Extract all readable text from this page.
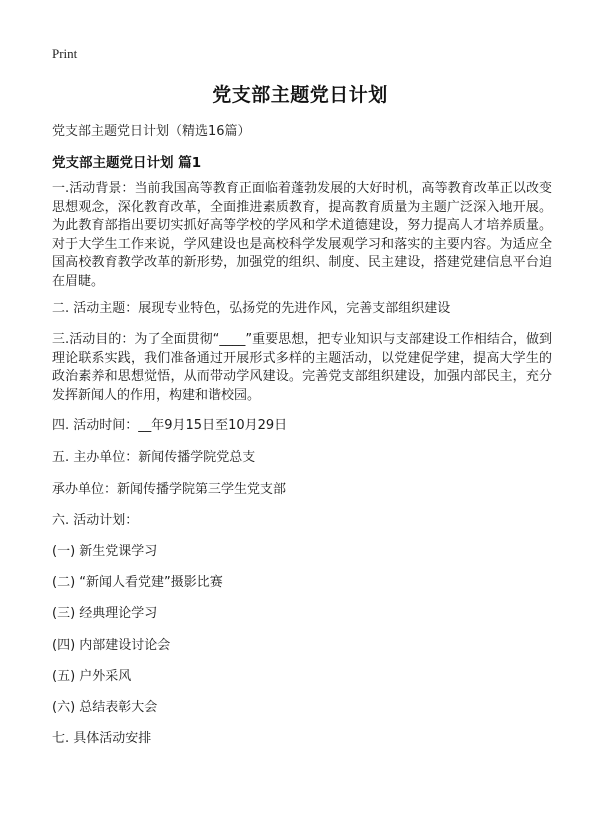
Print
党支部主题党日计划
党支部主题党日计划（精选16篇）
党支部主题党日计划 篇1
一.活动背景：当前我国高等教育正面临着蓬勃发展的大好时机，高等教育改革正以改变思想观念，深化教育改革，全面推进素质教育，提高教育质量为主题广泛深入地开展。为此教育部指出要切实抓好高等学校的学风和学术道德建设，努力提高人才培养质量。对于大学生工作来说，学风建设也是高校科学发展观学习和落实的主要内容。为适应全国高校教育教学改革的新形势，加强党的组织、制度、民主建设，搭建党建信息平台迫在眉睫。
二. 活动主题：展现专业特色，弘扬党的先进作风，完善支部组织建设
三.活动目的：为了全面贯彻“____”重要思想，把专业知识与支部建设工作相结合，做到理论联系实践，我们准备通过开展形式多样的主题活动，以党建促学建，提高大学生的政治素养和思想觉悟，从而带动学风建设。完善党支部组织建设，加强内部民主，充分发挥新闻人的作用，构建和谐校园。
四. 活动时间：__年9月15日至10月29日
五. 主办单位：新闻传播学院党总支
承办单位：新闻传播学院第三学生党支部
六. 活动计划：
(一) 新生党课学习
(二) “新闻人看党建”摄影比赛
(三) 经典理论学习
(四) 内部建设讨论会
(五) 户外采风
(六) 总结表彰大会
七. 具体活动安排
